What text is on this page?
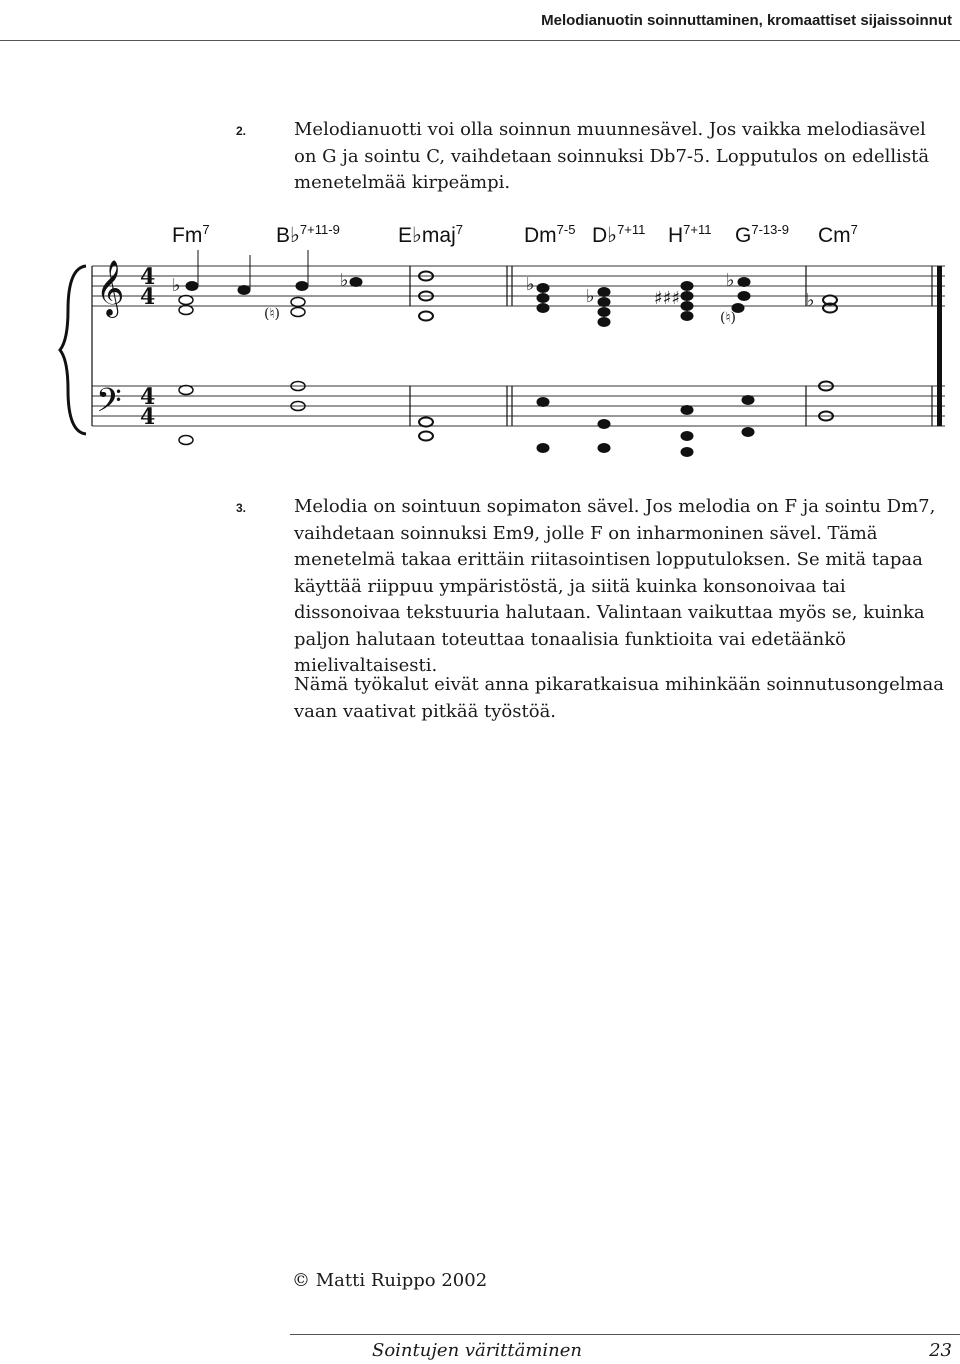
Melodianuotin soinnuttaminen, kromaattiset sijaissoinnut
2.	Melodianuotti voi olla soinnun muunnesävel. Jos vaikka melodiasävel on G ja sointu C, vaihdetaan soinnuksi Db7-5. Lopputulos on edellistä menetelmää kirpeämpi.

Fm$^7$	B♭$^{7+11-9}$	E♭maj$^7$	Dm$^{7-5}$ D♭$^{7+11}$ $H^{7+11}$ $G^{7-13-9}$ Cm$^7$
𝄞
𝄢
4
4
4
4
♭
(♮)
♭	♭
♭	♯♯♯
♭
(♮)
♭
3.	Melodia on sointuun sopimaton sävel. Jos melodia on F ja sointu Dm7, vaihdetaan soinnuksi Em9, jolle F on inharmoninen sävel. Tämä menetelmä takaa erittäin riitasointisen lopputuloksen. Se mitä tapaa käyttää riippuu ympäristöstä, ja siitä kuinka konsonoivaa tai dissonoivaa tekstuuria halutaan. Valintaan vaikuttaa myös se, kuinka paljon halutaan toteuttaa tonaalisia funktioita vai edetäänkö mielivaltaisesti.

Nämä työkalut eivät anna pikaratkaisua mihinkään soinnutusongelmaa vaan vaativat pitkää työstöä.

© Matti Ruippo 2002
Sointujen värittäminen	23
